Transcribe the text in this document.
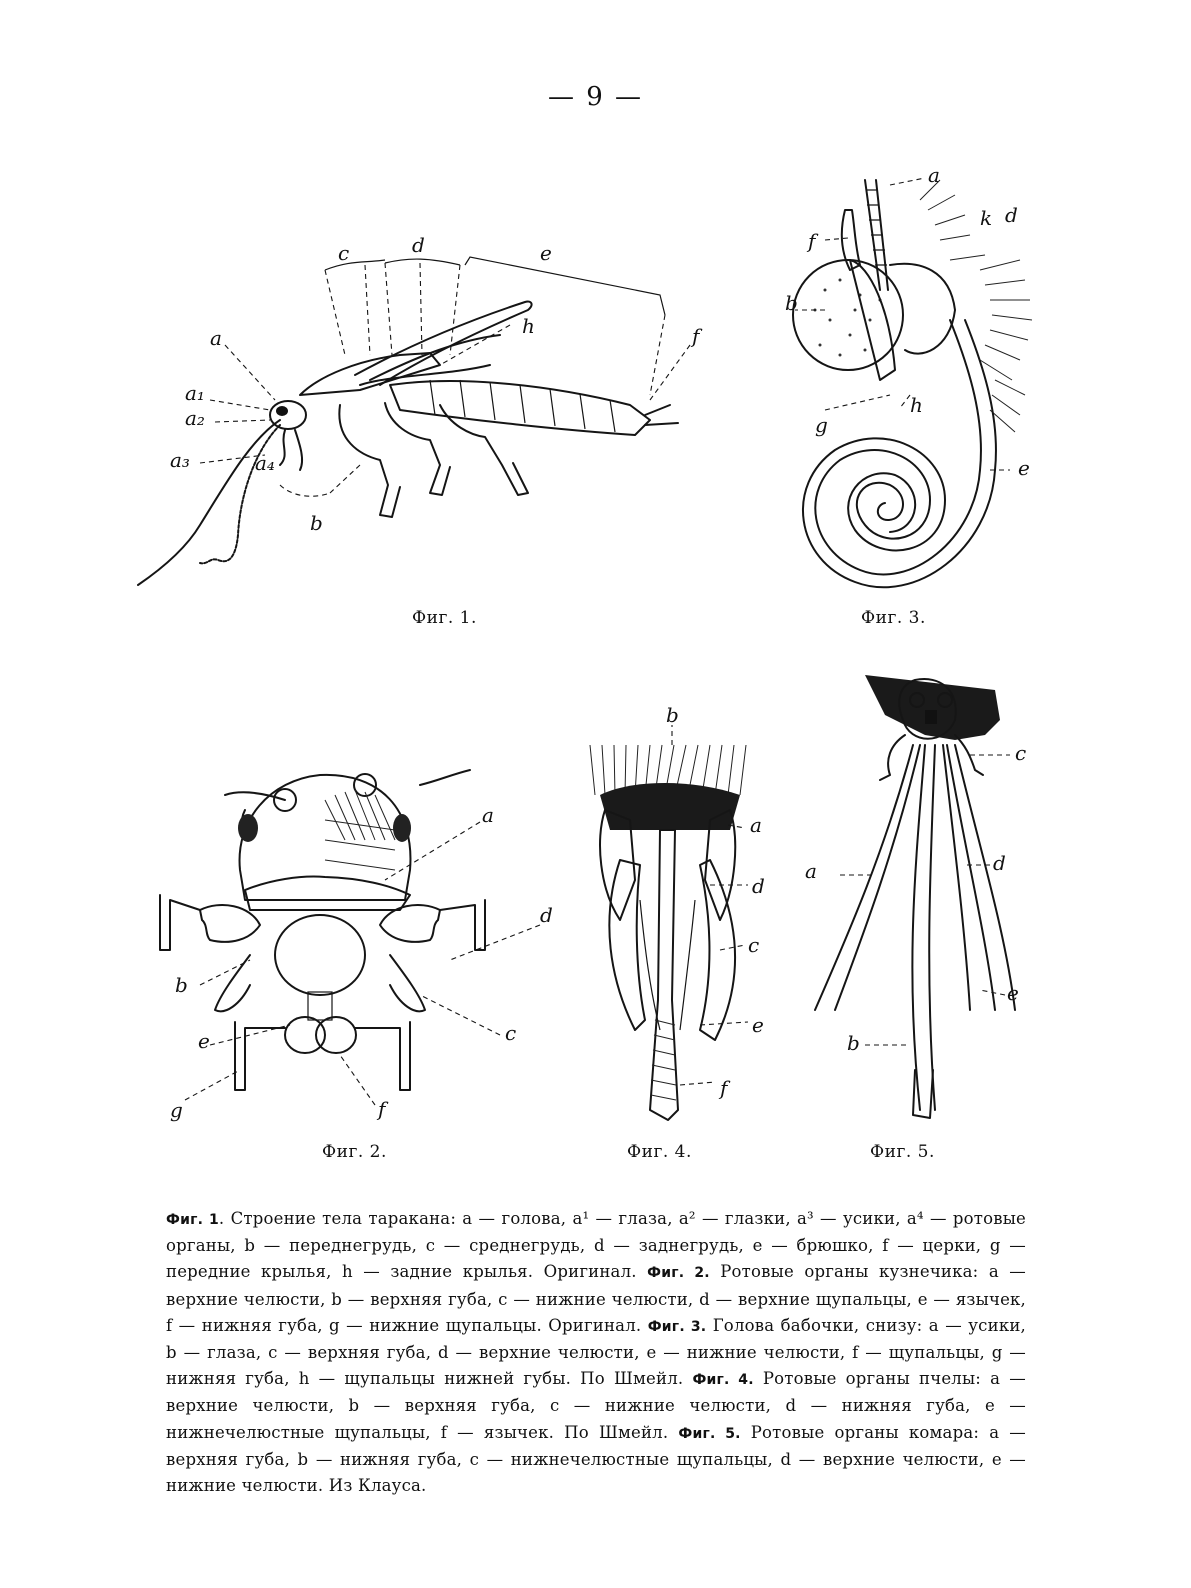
— 9 —
c	d	e
a
a₁
a₂
a₃	a₄
b
h	f
Фиг. 1.
a
f
k d
b
g
h
e
Фиг. 3.
a
d
b
c
e
g	f
Фиг. 2.
b
a
d
c
e
f
Фиг. 4.
c
a	d
e
b
Фиг. 5.
Фиг. 1. Строение тела таракана: а — голова, а¹ — глаза, а² — глазки, а³ — усики, а⁴ — ротовые органы, b — переднегрудь, с — среднегрудь, d — заднегрудь, е — брюшко, f — церки, g — передние крылья, h — задние крылья. Оригинал. Фиг. 2. Ротовые органы кузнечика: а — верхние челюсти, b — верхняя губа, с — нижние челюсти, d — верхние щупальцы, е — язычек, f — нижняя губа, g — нижние щупальцы. Оригинал. Фиг. 3. Голова бабочки, снизу: а — усики, b — глаза, с — верхняя губа, d — верхние челюсти, е — нижние челюсти, f — щупальцы, g — нижняя губа, h — щупальцы нижней губы. По Шмейл. Фиг. 4. Ротовые органы пчелы: а — верхние челюсти, b — верхняя губа, с — нижние челюсти, d — нижняя губа, е — нижнечелюстные щупальцы, f — язычек. По Шмейл. Фиг. 5. Ротовые органы комара: а — верхняя губа, b — нижняя губа, с — нижнечелюстные щупальцы, d — верхние челюсти, е — нижние челюсти. Из Клауса.
